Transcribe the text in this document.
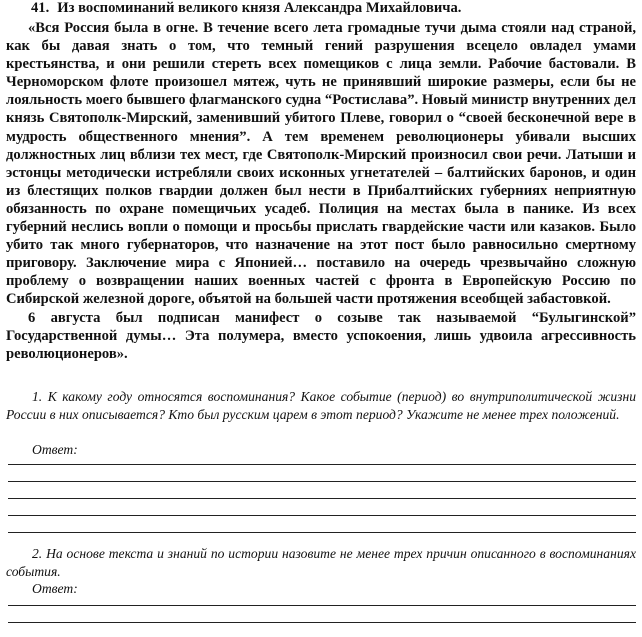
41. Из воспоминаний великого князя Александра Михайловича.

«Вся Россия была в огне. В течение всего лета громадные тучи дыма стояли над страной, как бы давая знать о том, что темный гений разрушения всецело овладел умами крестьянства, и они решили стереть всех помещиков с лица земли. Рабочие бастовали. В Черноморском флоте произошел мятеж, чуть не принявший широкие размеры, если бы не лояльность моего бывшего флагманского судна “Ростислава”. Новый министр внутренних дел князь Святополк-Мирский, заменивший убитого Плеве, говорил о “своей бесконечной вере в мудрость общественного мнения”. А тем временем революционеры убивали высших должностных лиц вблизи тех мест, где Святополк-Мирский произносил свои речи. Латыши и эстонцы методически истребляли своих исконных угнетателей – балтийских баронов, и один из блестящих полков гвардии должен был нести в Прибалтийских губерниях неприятную обязанность по охране помещичьих усадеб. Полиция на местах была в панике. Из всех губерний неслись вопли о помощи и просьбы прислать гвардейские части или казаков. Было убито так много губернаторов, что назначение на этот пост было равносильно смертному приговору. Заключение мира с Японией… поставило на очередь чрезвычайно сложную проблему о возвращении наших военных частей с фронта в Европейскую Россию по Сибирской железной дороге, объятой на большей части протяжения всеобщей забастовкой.

6 августа был подписан манифест о созыве так называемой “Булыгинской” Государственной думы… Эта полумера, вместо успокоения, лишь удвоила агрессивность революционеров».

1. К какому году относятся воспоминания? Какое событие (период) во внутриполитической жизни России в них описывается? Кто был русским царем в этот период? Укажите не менее трех положений.
Ответ:
2. На основе текста и знаний по истории назовите не менее трех причин описанного в воспоминаниях события.
Ответ:
